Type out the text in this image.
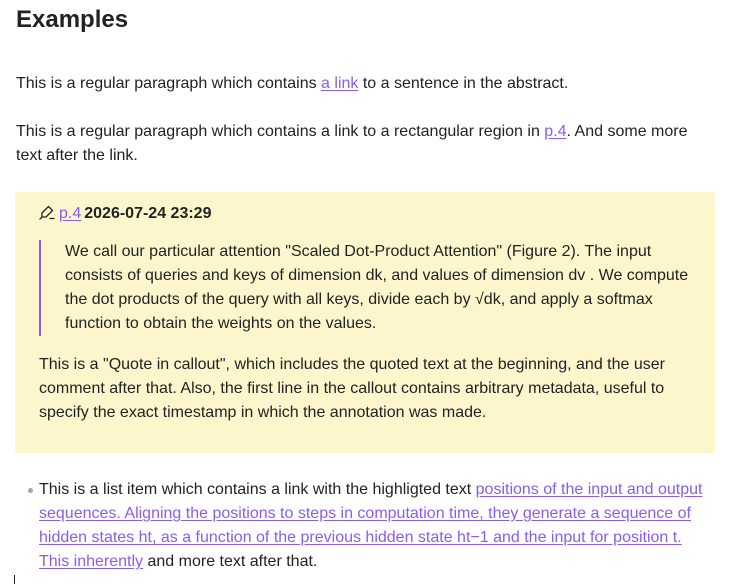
Examples

This is a regular paragraph which contains a link to a sentence in the abstract.

This is a regular paragraph which contains a link to a rectangular region in p.4. And some more text after the link.

p.4 2026-07-24 23:29
We call our particular attention "Scaled Dot-Product Attention" (Figure 2). The input consists of queries and keys of dimension dk, and values of dimension dv . We compute the dot products of the query with all keys, divide each by √dk, and apply a softmax function to obtain the weights on the values.

This is a "Quote in callout", which includes the quoted text at the beginning, and the user comment after that. Also, the first line in the callout contains arbitrary metadata, useful to specify the exact timestamp in which the annotation was made.

This is a list item which contains a link with the highligted text positions of the input and output sequences. Aligning the positions to steps in computation time, they generate a sequence of hidden states ht, as a function of the previous hidden state ht−1 and the input for position t. This inherently and more text after that.
